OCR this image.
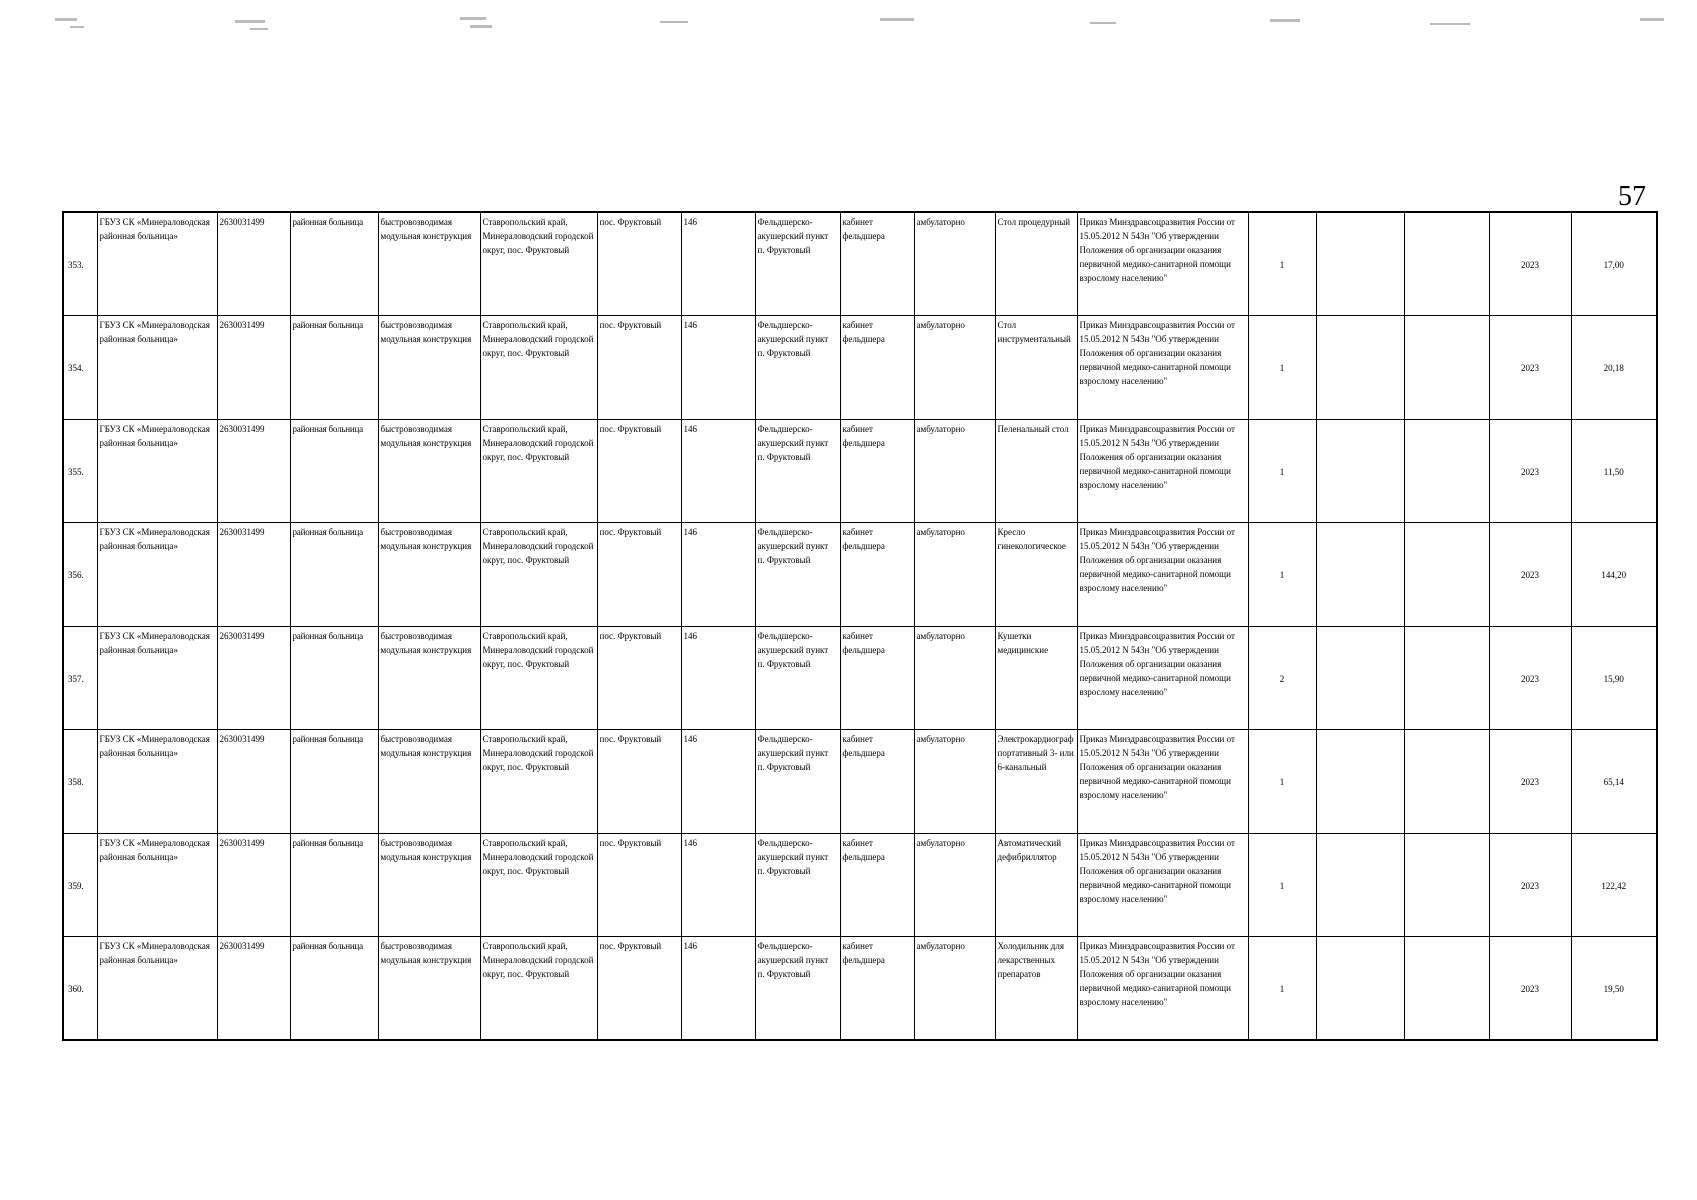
57
353.	ГБУЗ СК «Минераловодская районная больница»	2630031499	районная больница	быстровозводимая модульная конструкция	Ставропольский край, Минераловодский городской округ, пос. Фруктовый	пос. Фруктовый	146	Фельдшерско-акушерский пункт п. Фруктовый	кабинет фельдшера	амбулаторно	Стол процедурный	Приказ Минздравсоцразвития России от 15.05.2012 N 543н "Об утверждении Положения об организации оказания первичной медико-санитарной помощи взрослому населению"	1			2023	17,00
354.	ГБУЗ СК «Минераловодская районная больница»	2630031499	районная больница	быстровозводимая модульная конструкция	Ставропольский край, Минераловодский городской округ, пос. Фруктовый	пос. Фруктовый	146	Фельдшерско-акушерский пункт п. Фруктовый	кабинет фельдшера	амбулаторно	Стол инструментальный	Приказ Минздравсоцразвития России от 15.05.2012 N 543н "Об утверждении Положения об организации оказания первичной медико-санитарной помощи взрослому населению"	1			2023	20,18
355.	ГБУЗ СК «Минераловодская районная больница»	2630031499	районная больница	быстровозводимая модульная конструкция	Ставропольский край, Минераловодский городской округ, пос. Фруктовый	пос. Фруктовый	146	Фельдшерско-акушерский пункт п. Фруктовый	кабинет фельдшера	амбулаторно	Пеленальный стол	Приказ Минздравсоцразвития России от 15.05.2012 N 543н "Об утверждении Положения об организации оказания первичной медико-санитарной помощи взрослому населению"	1			2023	11,50
356.	ГБУЗ СК «Минераловодская районная больница»	2630031499	районная больница	быстровозводимая модульная конструкция	Ставропольский край, Минераловодский городской округ, пос. Фруктовый	пос. Фруктовый	146	Фельдшерско-акушерский пункт п. Фруктовый	кабинет фельдшера	амбулаторно	Кресло гинекологическое	Приказ Минздравсоцразвития России от 15.05.2012 N 543н "Об утверждении Положения об организации оказания первичной медико-санитарной помощи взрослому населению"	1			2023	144,20
357.	ГБУЗ СК «Минераловодская районная больница»	2630031499	районная больница	быстровозводимая модульная конструкция	Ставропольский край, Минераловодский городской округ, пос. Фруктовый	пос. Фруктовый	146	Фельдшерско-акушерский пункт п. Фруктовый	кабинет фельдшера	амбулаторно	Кушетки медицинские	Приказ Минздравсоцразвития России от 15.05.2012 N 543н "Об утверждении Положения об организации оказания первичной медико-санитарной помощи взрослому населению"	2			2023	15,90
358.	ГБУЗ СК «Минераловодская районная больница»	2630031499	районная больница	быстровозводимая модульная конструкция	Ставропольский край, Минераловодский городской округ, пос. Фруктовый	пос. Фруктовый	146	Фельдшерско-акушерский пункт п. Фруктовый	кабинет фельдшера	амбулаторно	Электрокардиограф портативный 3- или 6-канальный	Приказ Минздравсоцразвития России от 15.05.2012 N 543н "Об утверждении Положения об организации оказания первичной медико-санитарной помощи взрослому населению"	1			2023	65,14
359.	ГБУЗ СК «Минераловодская районная больница»	2630031499	районная больница	быстровозводимая модульная конструкция	Ставропольский край, Минераловодский городской округ, пос. Фруктовый	пос. Фруктовый	146	Фельдшерско-акушерский пункт п. Фруктовый	кабинет фельдшера	амбулаторно	Автоматический дефибриллятор	Приказ Минздравсоцразвития России от 15.05.2012 N 543н "Об утверждении Положения об организации оказания первичной медико-санитарной помощи взрослому населению"	1			2023	122,42
360.	ГБУЗ СК «Минераловодская районная больница»	2630031499	районная больница	быстровозводимая модульная конструкция	Ставропольский край, Минераловодский городской округ, пос. Фруктовый	пос. Фруктовый	146	Фельдшерско-акушерский пункт п. Фруктовый	кабинет фельдшера	амбулаторно	Холодильник для лекарственных препаратов	Приказ Минздравсоцразвития России от 15.05.2012 N 543н "Об утверждении Положения об организации оказания первичной медико-санитарной помощи взрослому населению"	1			2023	19,50
